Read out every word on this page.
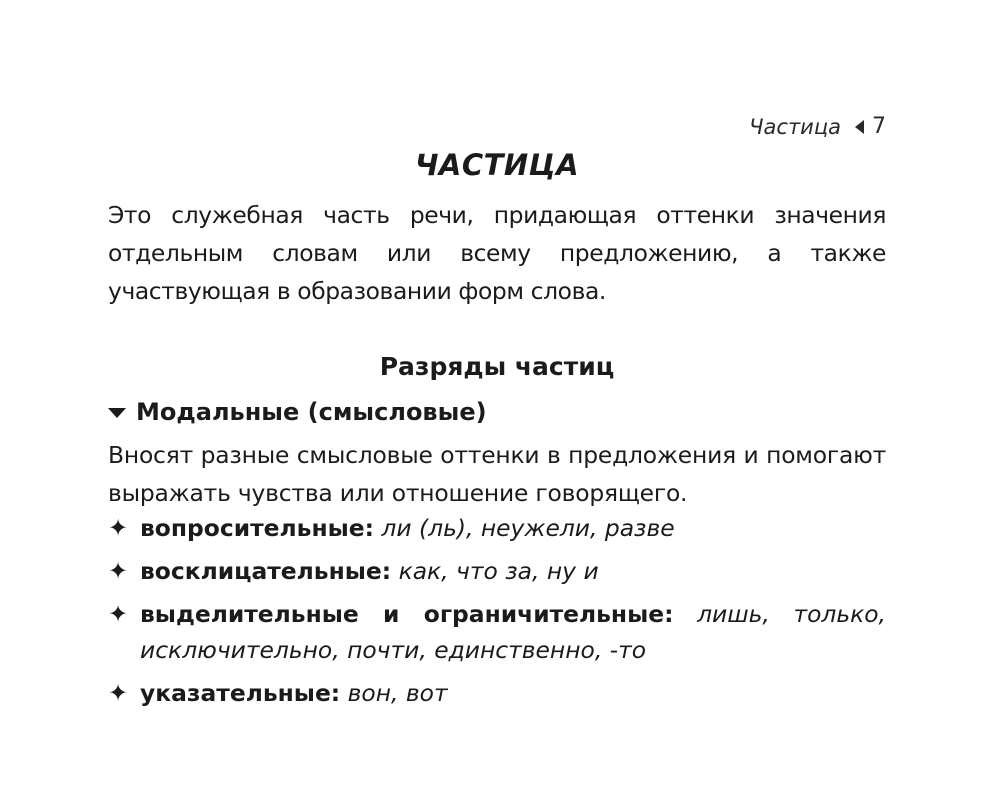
Частица 7
ЧАСТИЦА

Это служебная часть речи, придающая оттенки значения отдельным словам или всему предложению, а также участвующая в образовании форм слова.

Разряды частиц
Модальные (смысловые)

Вносят разные смысловые оттенки в предложения и помогают выражать чувства или отношение говорящего.

✦ вопросительные: ли (ль), неужели, разве
✦ восклицательные: как, что за, ну и
✦ выделительные и ограничительные: лишь, только, исключительно, почти, единственно, -то
✦ указательные: вон, вот
